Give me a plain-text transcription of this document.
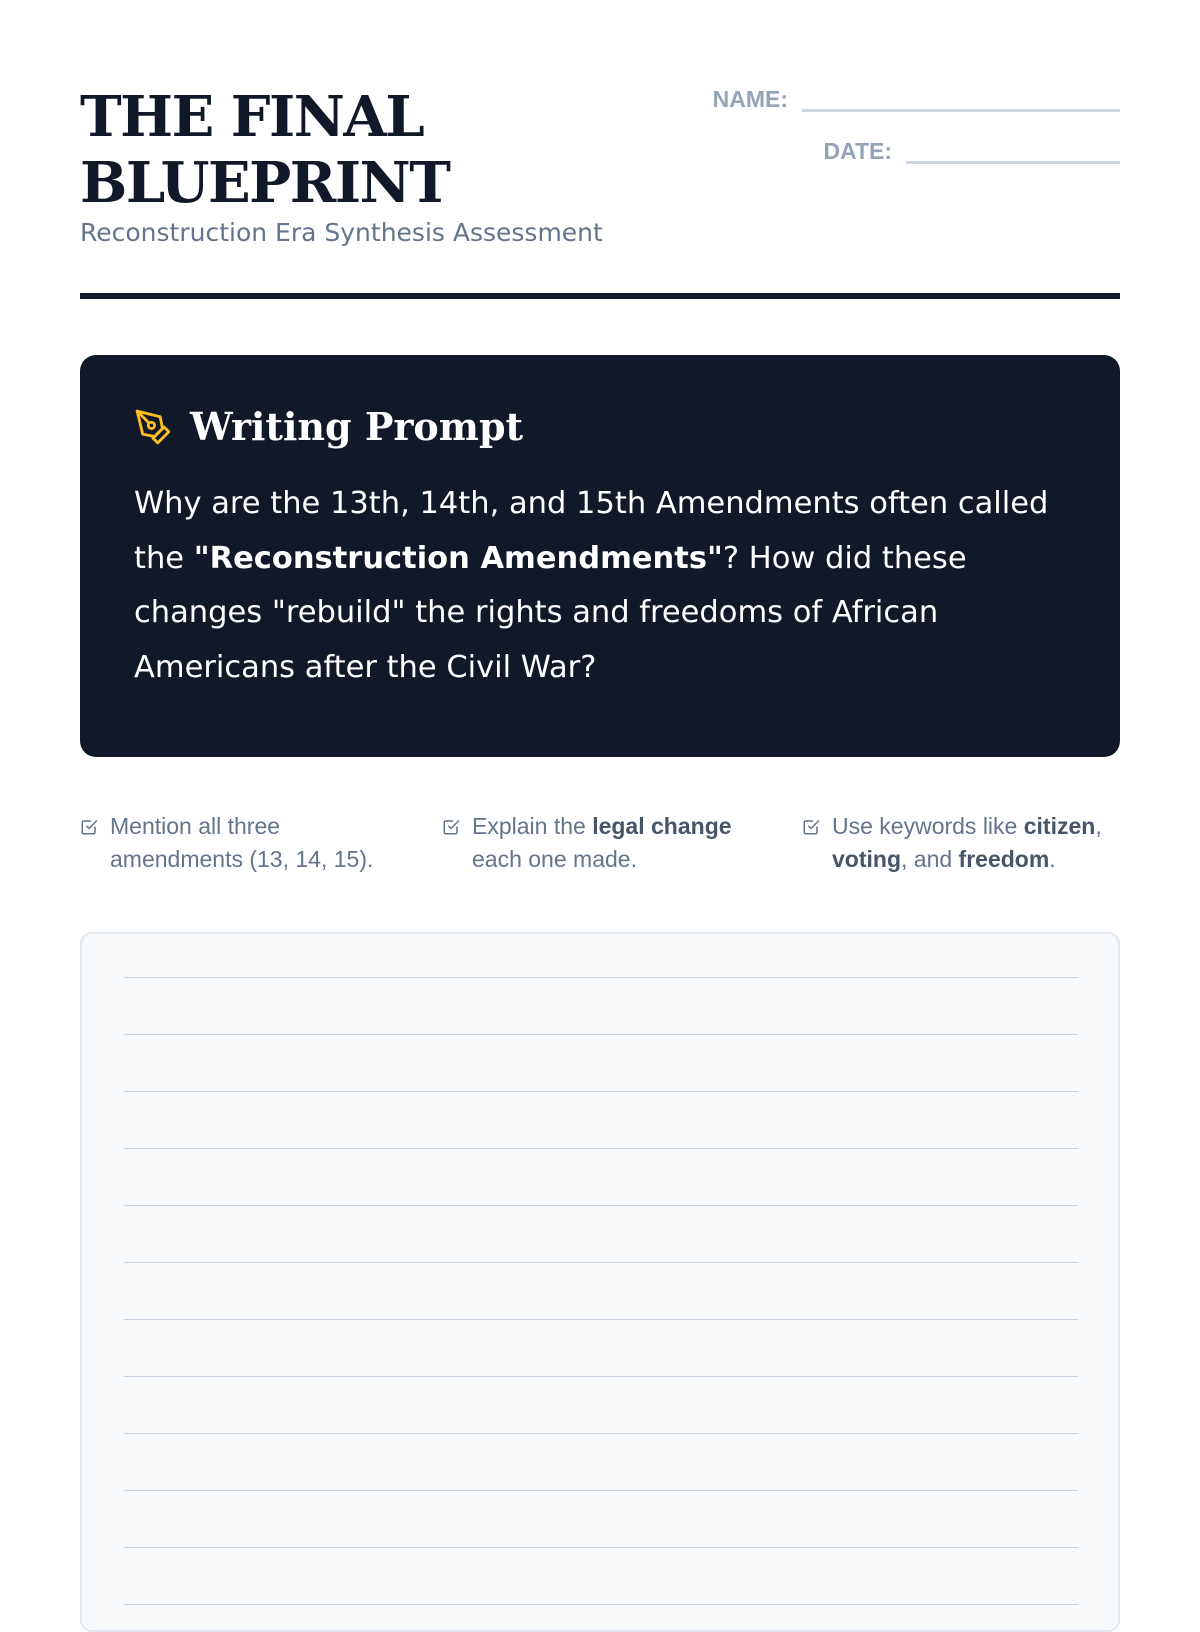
THE FINAL BLUEPRINT
Reconstruction Era Synthesis Assessment
NAME:
DATE:
Writing Prompt

Why are the 13th, 14th, and 15th Amendments often called the "Reconstruction Amendments"? How did these changes "rebuild" the rights and freedoms of African Americans after the Civil War?

Mention all three amendments (13, 14, 15).
Explain the legal change each one made.
Use keywords like citizen, voting, and freedom.
